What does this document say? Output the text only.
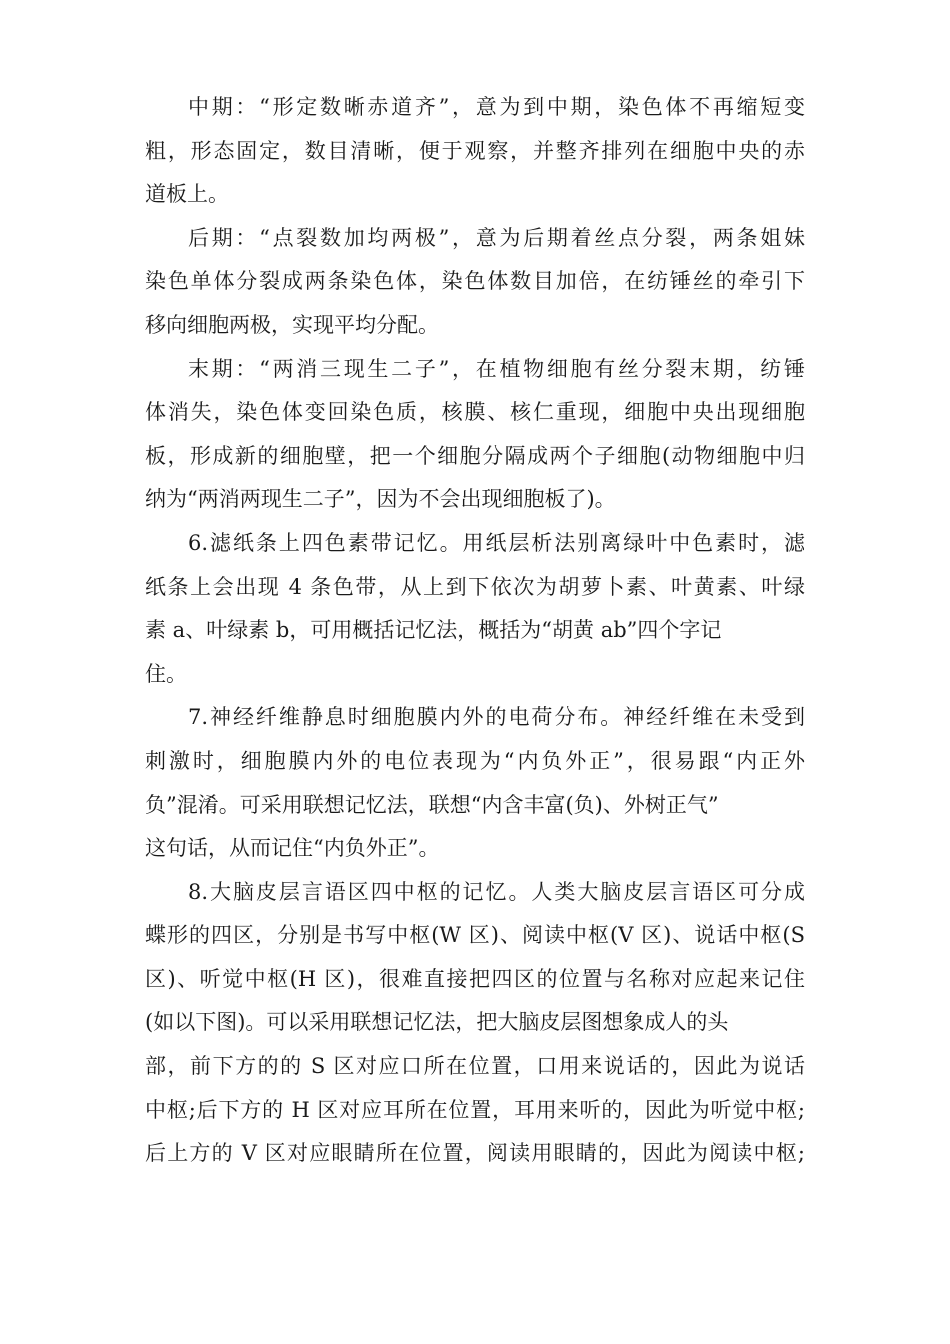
中期：“形定数晰赤道齐”，意为到中期，染色体不再缩短变
粗，形态固定，数目清晰，便于观察，并整齐排列在细胞中央的赤
道板上。
后期：“点裂数加均两极”，意为后期着丝点分裂，两条姐妹
染色单体分裂成两条染色体，染色体数目加倍，在纺锤丝的牵引下
移向细胞两极，实现平均分配。
末期：“两消三现生二子”，在植物细胞有丝分裂末期，纺锤
体消失，染色体变回染色质，核膜、核仁重现，细胞中央出现细胞
板，形成新的细胞壁，把一个细胞分隔成两个子细胞(动物细胞中归
纳为“两消两现生二子”，因为不会出现细胞板了)。
6.滤纸条上四色素带记忆。用纸层析法别离绿叶中色素时，滤
纸条上会出现 4 条色带，从上到下依次为胡萝卜素、叶黄素、叶绿
素 a、叶绿素 b，可用概括记忆法，概括为“胡黄 ab”四个字记
住。
7.神经纤维静息时细胞膜内外的电荷分布。神经纤维在未受到
刺激时，细胞膜内外的电位表现为“内负外正”，很易跟“内正外
负”混淆。可采用联想记忆法，联想“内含丰富(负)、外树正气”
这句话，从而记住“内负外正”。
8.大脑皮层言语区四中枢的记忆。人类大脑皮层言语区可分成
蝶形的四区，分别是书写中枢(W 区)、阅读中枢(V 区)、说话中枢(S
区)、听觉中枢(H 区)，很难直接把四区的位置与名称对应起来记住
(如以下图)。可以采用联想记忆法，把大脑皮层图想象成人的头
部，前下方的的 S 区对应口所在位置，口用来说话的，因此为说话
中枢;后下方的 H 区对应耳所在位置，耳用来听的，因此为听觉中枢;
后上方的 V 区对应眼睛所在位置，阅读用眼睛的，因此为阅读中枢;
